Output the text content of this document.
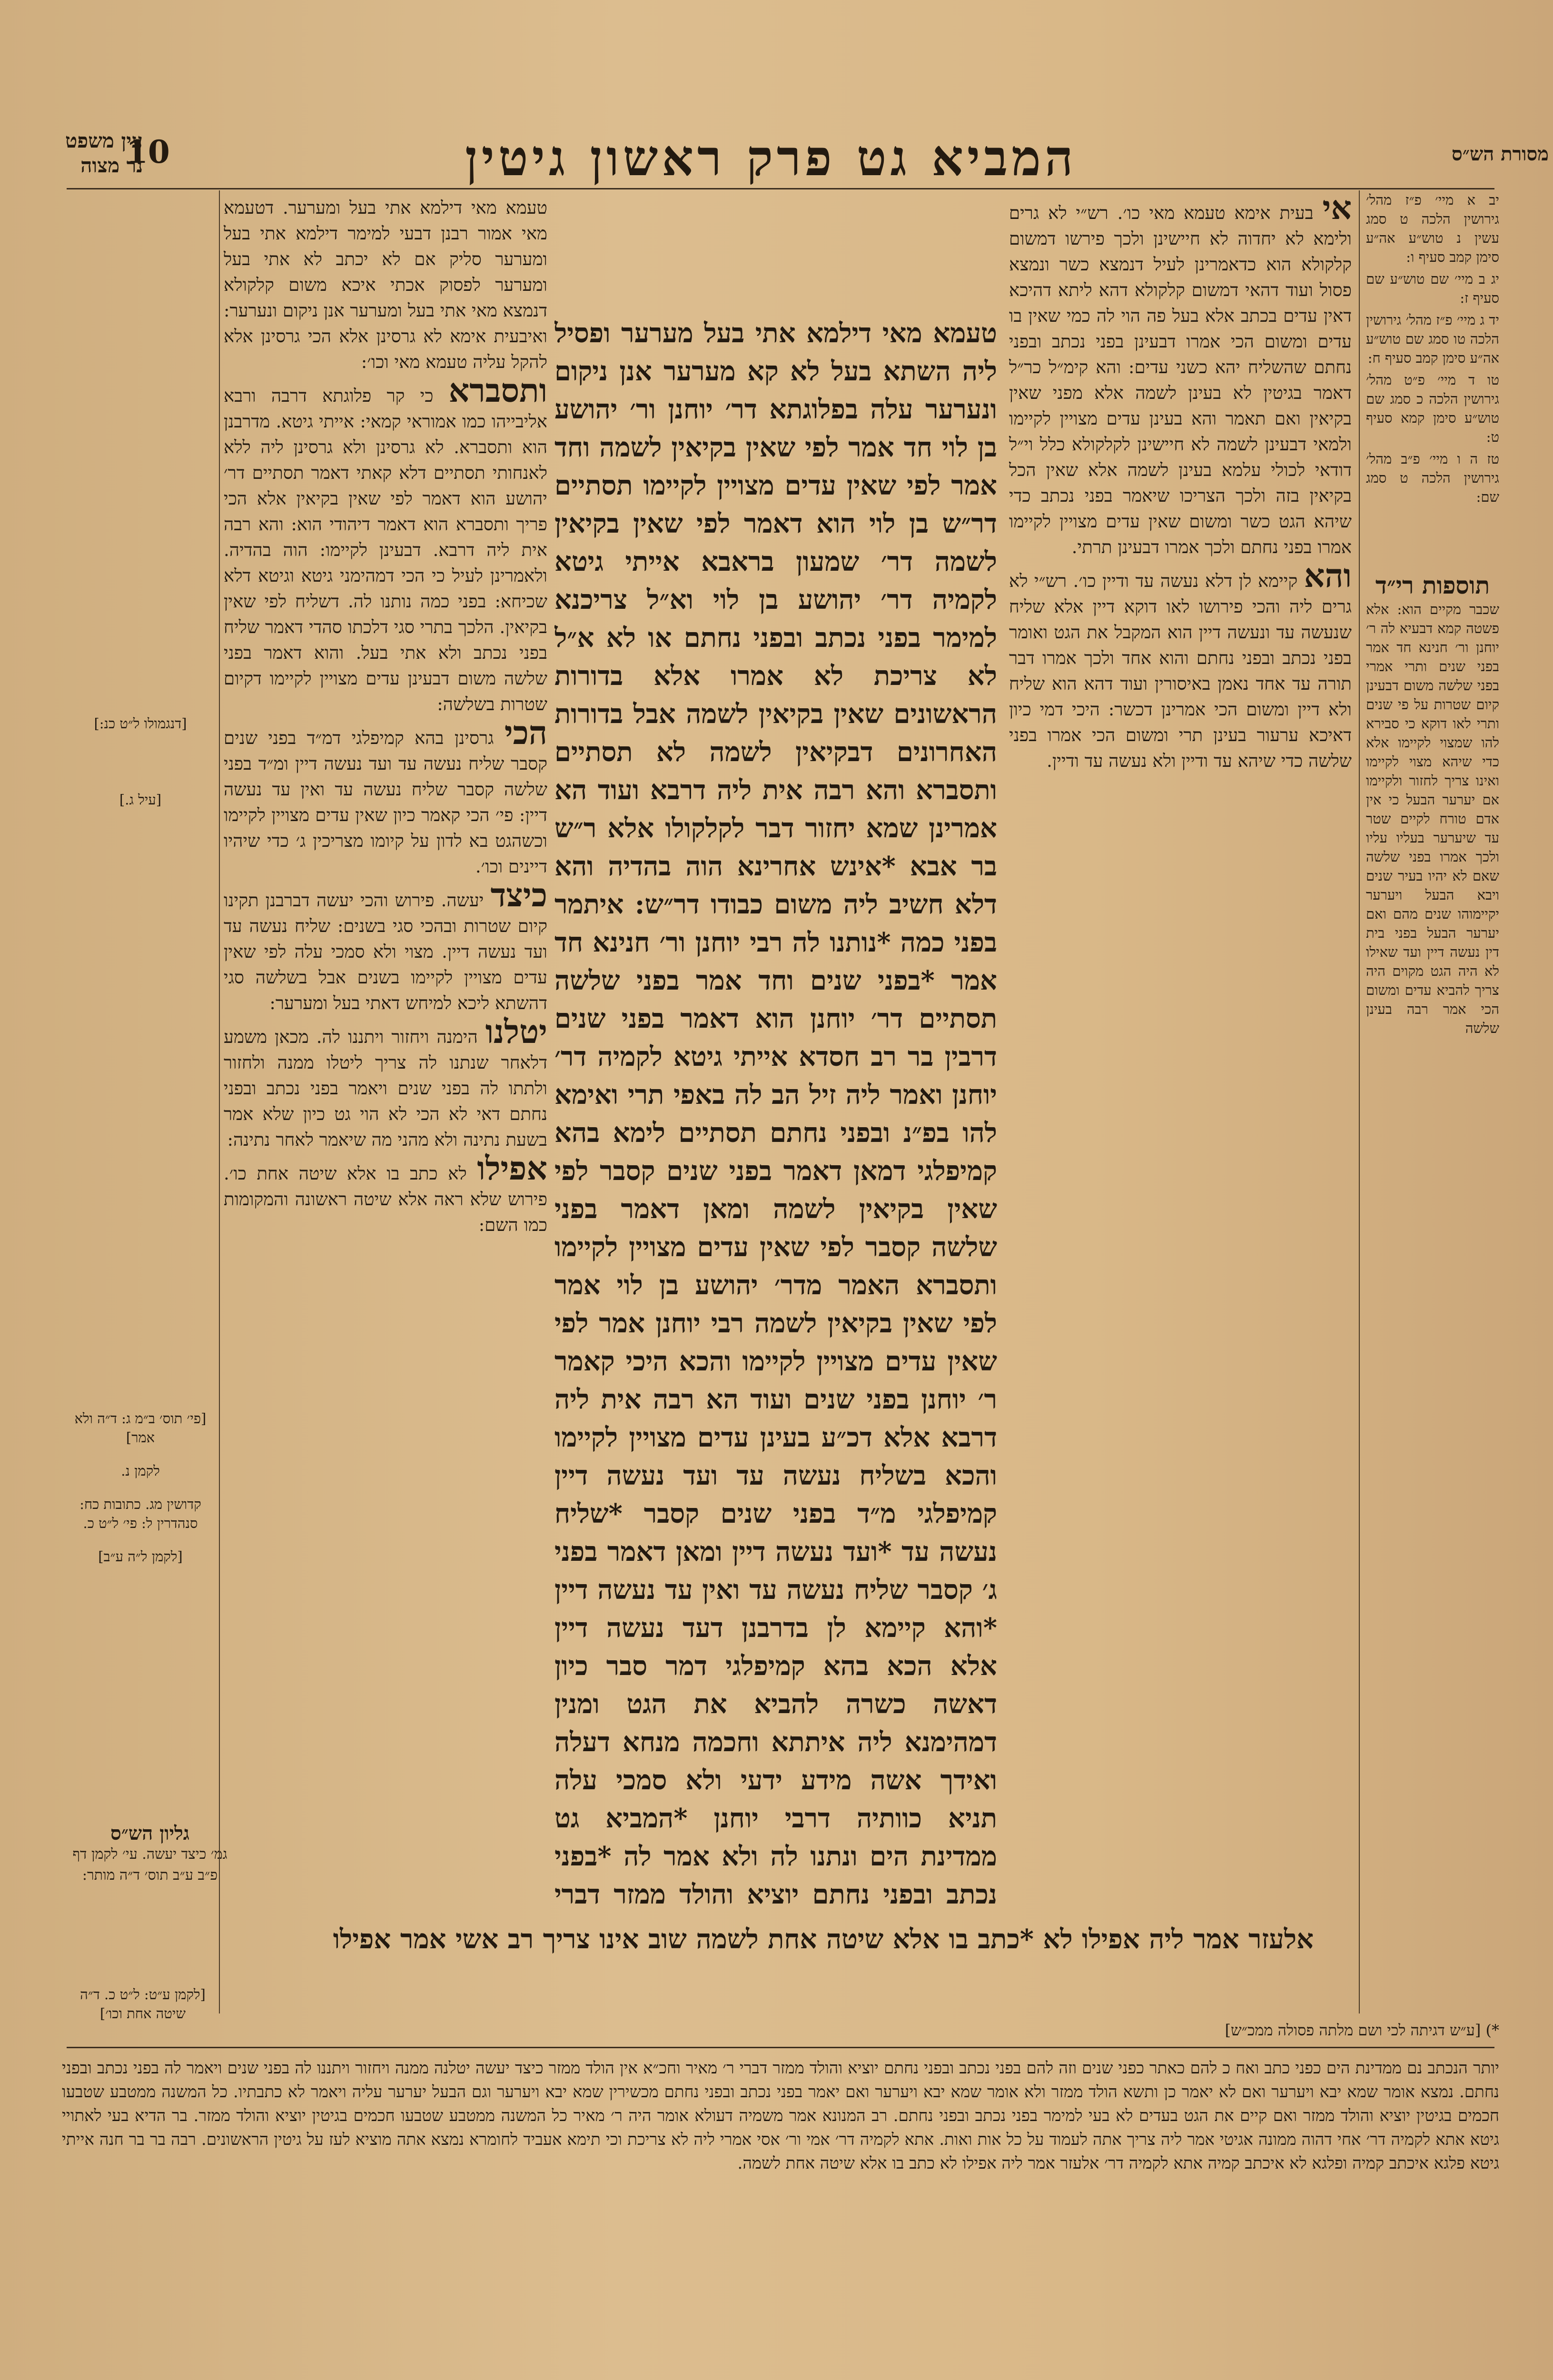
עין משפט
נר מצוה 10	המביא גט פרק ראשון גיטין	מסורת הש״ס

יב א מיי׳ פ״ז מהל׳ גירושין הלכה ט סמג עשין נ טוש״ע אה״ע סימן קמב סעיף ו:

יג ב מיי׳ שם טוש״ע שם סעיף ז:

יד ג מיי׳ פ״ז מהל׳ גירושין הלכה טו סמג שם טוש״ע אה״ע סימן קמב סעיף ח:

טו ד מיי׳ פ״ט מהל׳ גירושין הלכה כ סמג שם טוש״ע סימן קמא סעיף ט:

טז ה ו מיי׳ פ״ב מהל׳ גירושין הלכה ט סמג שם:

תוספות רי״ד

שכבר מקיים הוא: אלא פשטה קמא דבעיא לה ר׳ יוחנן ור׳ חנינא חד אמר בפני שנים ותרי אמרי בפני שלשה משום דבעינן קיום שטרות על פי שנים ותרי לאו דוקא כי סבירא להו שמצוי לקיימו אלא כדי שיהא מצוי לקיימו ואינו צריך לחזור ולקיימו אם יערער הבעל כי אין אדם טורח לקיים שטר עד שיערער בעליו עליו ולכך אמרו בפני שלשה שאם לא יהיו בעיר שנים ויבא הבעל ויערער יקיימוהו שנים מהם ואם יערער הבעל בפני בית דין נעשה דיין ועד שאילו לא היה הגט מקוים היה צריך להביא עדים ומשום הכי אמר רבה בעינן שלשה

אי בעית אימא טעמא מאי כו׳. רש״י לא גרים ולימא לא יחדוה לא חיישינן ולכך פירשו דמשום קלקולא הוא כדאמרינן לעיל דנמצא כשר ונמצא פסול ועוד דהאי דמשום קלקולא דהא ליתא דהיכא דאין עדים בכתב אלא בעל פה הוי לה כמי שאין בו עדים ומשום הכי אמרו דבעינן בפני נכתב ובפני נחתם שהשליח יהא כשני עדים: והא קימ״ל כר״ל דאמר בגיטין לא בעינן לשמה אלא מפני שאין בקיאין ואם תאמר והא בעינן עדים מצויין לקיימו ולמאי דבעינן לשמה לא חיישינן לקלקולא כלל וי״ל דודאי לכולי עלמא בעינן לשמה אלא שאין הכל בקיאין בזה ולכך הצריכו שיאמר בפני נכתב כדי שיהא הגט כשר ומשום שאין עדים מצויין לקיימו אמרו בפני נחתם ולכך אמרו דבעינן תרתי.

והא קיימא לן דלא נעשה עד ודיין כו׳. רש״י לא גרים ליה והכי פירושו לאו דוקא דיין אלא שליח שנעשה עד ונעשה דיין הוא המקבל את הגט ואומר בפני נכתב ובפני נחתם והוא אחד ולכך אמרו דבר תורה עד אחד נאמן באיסורין ועוד דהא הוא שליח ולא דיין ומשום הכי אמרינן דכשר: היכי דמי כיון דאיכא ערעור בעינן תרי ומשום הכי אמרו בפני שלשה כדי שיהא עד ודיין ולא נעשה עד ודיין.

טעמא מאי דילמא אתי בעל מערער ופסיל ליה השתא בעל לא קא מערער אנן ניקום ונערער עלה בפלוגתא דר׳ יוחנן ור׳ יהושע בן לוי חד אמר לפי שאין בקיאין לשמה וחד אמר לפי שאין עדים מצויין לקיימו תסתיים דר״ש בן לוי הוא דאמר לפי שאין בקיאין לשמה דר׳ שמעון בראבא אייתי גיטא לקמיה דר׳ יהושע בן לוי וא״ל צריכנא למימר בפני נכתב ובפני נחתם או לא א״ל לא צריכת לא אמרו אלא בדורות הראשונים שאין בקיאין לשמה אבל בדורות האחרונים דבקיאין לשמה לא תסתיים ותסברא והא רבה אית ליה דרבא ועוד הא אמרינן שמא יחזור דבר לקלקולו אלא ר״ש בר אבא *אינש אחרינא הוה בהדיה והא דלא חשיב ליה משום כבודו דר״ש: איתמר בפני כמה *נותנו לה רבי יוחנן ור׳ חנינא חד אמר *בפני שנים וחד אמר בפני שלשה תסתיים דר׳ יוחנן הוא דאמר בפני שנים דרבין בר רב חסדא אייתי גיטא לקמיה דר׳ יוחנן ואמר ליה זיל הב לה באפי תרי ואימא להו בפ״נ ובפני נחתם תסתיים לימא בהא קמיפלגי דמאן דאמר בפני שנים קסבר לפי שאין בקיאין לשמה ומאן דאמר בפני שלשה קסבר לפי שאין עדים מצויין לקיימו ותסברא האמר מדר׳ יהושע בן לוי אמר לפי שאין בקיאין לשמה רבי יוחנן אמר לפי שאין עדים מצויין לקיימו והכא היכי קאמר ר׳ יוחנן בפני שנים ועוד הא רבה אית ליה דרבא אלא דכ״ע בעינן עדים מצויין לקיימו והכא בשליח נעשה עד ועד נעשה דיין קמיפלגי מ״ד בפני שנים קסבר *שליח נעשה עד *ועד נעשה דיין ומאן דאמר בפני ג׳ קסבר שליח נעשה עד ואין עד נעשה דיין *והא קיימא לן בדרבנן דעד נעשה דיין אלא הכא בהא קמיפלגי דמר סבר כיון דאשה כשרה להביא את הגט ומנין דמהימנא ליה איתתא וחכמה מנחא דעלה ואידך אשה מידע ידעי ולא סמכי עלה תניא כוותיה דרבי יוחנן *המביא גט ממדינת הים ונתנו לה ולא אמר לה *בפני נכתב ובפני נחתם יוציא והולד ממזר דברי

טעמא מאי דילמא אתי בעל ומערער. דטעמא מאי אמור רבנן דבעי למימר דילמא אתי בעל ומערער סליק אם לא יכתב לא אתי בעל ומערער לפסוק אכתי איכא משום קלקולא דנמצא מאי אתי בעל ומערער אנן ניקום ונערער: ואיבעית אימא לא גרסינן אלא הכי גרסינן אלא להקל עליה טעמא מאי וכו׳:

ותסברא כי קר פלוגתא דרבה ורבא אליבייהו כמו אמוראי קמאי: אייתי גיטא. מדרבנן הוא ותסברא. לא גרסינן ולא גרסינן ליה ללא לאנחותי תסתיים דלא קאתי דאמר תסתיים דר׳ יהושע הוא דאמר לפי שאין בקיאין אלא הכי פריך ותסברא הוא דאמר דיהודי הוא: והא רבה אית ליה דרבא. דבעינן לקיימו: הוה בהדיה. ולאמרינן לעיל כי הכי דמהימני גיטא וגיטא דלא שכיחא: בפני כמה נותנו לה. דשליח לפי שאין בקיאין. הלכך בתרי סגי דלכתו סהדי דאמר שליח בפני נכתב ולא אתי בעל. והוא דאמר בפני שלשה משום דבעינן עדים מצויין לקיימו דקיום שטרות בשלשה:

הכי גרסינן בהא קמיפלגי דמ״ד בפני שנים קסבר שליח נעשה עד ועד נעשה דיין ומ״ד בפני שלשה קסבר שליח נעשה עד ואין עד נעשה דיין: פי׳ הכי קאמר כיון שאין עדים מצויין לקיימו וכשהגט בא לדון על קיומו מצריכין ג׳ כדי שיהיו דיינים וכו׳.

כיצד יעשה. פירוש והכי יעשה דברבנן תקינו קיום שטרות ובהכי סגי בשנים: שליח נעשה עד ועד נעשה דיין. מצוי ולא סמכי עלה לפי שאין עדים מצויין לקיימו בשנים אבל בשלשה סגי דהשתא ליכא למיחש דאתי בעל ומערער:

יטלנו הימנה ויחזור ויתננו לה. מכאן משמע דלאחר שנתנו לה צריך ליטלו ממנה ולחזור ולתתו לה בפני שנים ויאמר בפני נכתב ובפני נחתם דאי לא הכי לא הוי גט כיון שלא אמר בשעת נתינה ולא מהני מה שיאמר לאחר נתינה:

אפילו לא כתב בו אלא שיטה אחת כו׳. פירוש שלא ראה אלא שיטה ראשונה והמקומות כמו השם:

[דנגמולו ל״ט כנ:]

[עיל ג.]

[פי׳ תוס׳ ב״מ ג: ד״ה ולא אמר]

לקמן נ.

קדושין מג. כתובות כח: סנהדרין ל: פי׳ ל״ט כ.

[לקמן ל״ה ע״ב]

גליון הש״ס
גמ׳ כיצד יעשה. עי׳ לקמן דף פ״ב ע״ב תוס׳ ד״ה מותר:
[לקמן ע״ט: ל״ט כ. ד״ה שיטה אחת וכו׳]
אלעזר אמר ליה אפילו לא *כתב בו אלא שיטה אחת לשמה שוב אינו צריך רב אשי אמר אפילו
*) [ע״ש דגיתה לכי ושם מלתה פסולה ממכ״ש]
יותר הנכתב נם ממדינת הים כפני כתב ואח כ להם כאתר כפני שנים וזה להם בפני נכתב ובפני נחתם יוציא והולד ממזר דברי ר׳ מאיר וחכ״א אין הולד ממזר כיצד יעשה יטלנה ממנה ויחזור ויתננו לה בפני שנים ויאמר לה בפני נכתב ובפני נחתם. נמצא אומר שמא יבא ויערער ואם לא יאמר כן ותשא הולד ממזר ולא אומר שמא יבא ויערער ואם יאמר בפני נכתב ובפני נחתם מכשירין שמא יבא ויערער וגם הבעל יערער עליה ויאמר לא כתבתיו. כל המשנה ממטבע שטבעו חכמים בגיטין יוציא והולד ממזר ואם קיים את הגט בעדים לא בעי למימר בפני נכתב ובפני נחתם. רב המנונא אמר משמיה דעולא אומר היה ר׳ מאיר כל המשנה ממטבע שטבעו חכמים בגיטין יוציא והולד ממזר. בר הדיא בעי לאתויי גיטא אתא לקמיה דר׳ אחי דהוה ממונה אגיטי אמר ליה צריך אתה לעמוד על כל אות ואות. אתא לקמיה דר׳ אמי ור׳ אסי אמרי ליה לא צריכת וכי תימא אעביד לחומרא נמצא אתה מוציא לעז על גיטין הראשונים. רבה בר בר חנה אייתי גיטא פלגא איכתב קמיה ופלגא לא איכתב קמיה אתא לקמיה דר׳ אלעזר אמר ליה אפילו לא כתב בו אלא שיטה אחת לשמה.
